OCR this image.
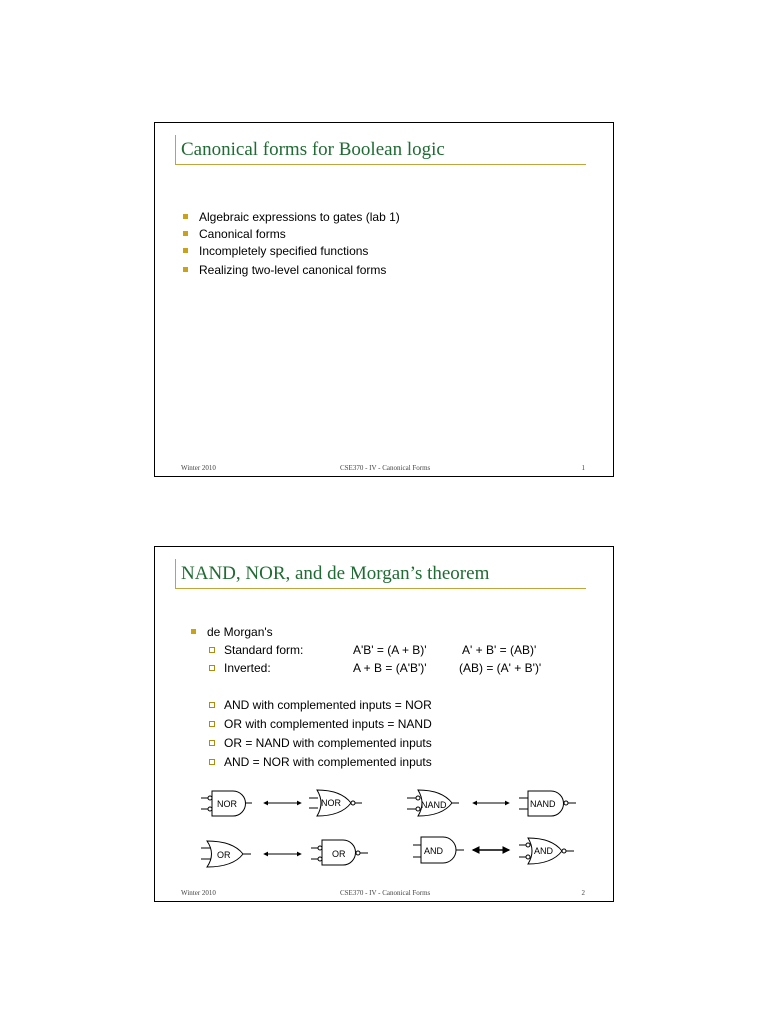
Canonical forms for Boolean logic
Algebraic expressions to gates (lab 1)
Canonical forms
Incompletely specified functions
Realizing two-level canonical forms
Winter 2010	CSE370 - IV - Canonical Forms	1
NAND, NOR, and de Morgan’s theorem
de Morgan's
Standard form:	A'B' = (A + B)'	A' + B' = (AB)'
Inverted:	A + B = (A'B')'	(AB) = (A' + B')'
AND with complemented inputs = NOR
OR with complemented inputs = NAND
OR = NAND with complemented inputs
AND = NOR with complemented inputs
NOR	NOR	NAND	NAND
OR	OR	AND	AND
Winter 2010	CSE370 - IV - Canonical Forms	2
